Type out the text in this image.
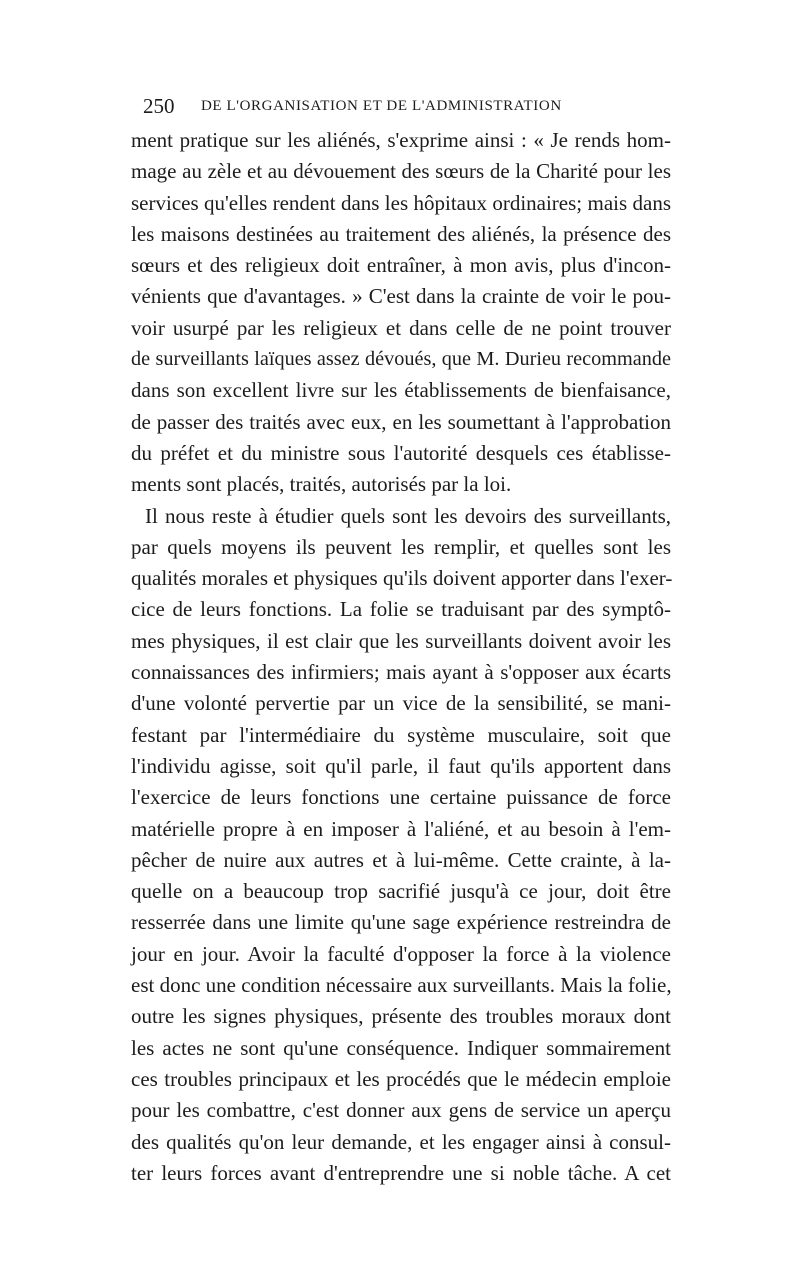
250 DE L'ORGANISATION ET DE L'ADMINISTRATION
ment pratique sur les aliénés, s'exprime ainsi : « Je rends hom-
mage au zèle et au dévouement des sœurs de la Charité pour les
services qu'elles rendent dans les hôpitaux ordinaires; mais dans
les maisons destinées au traitement des aliénés, la présence des
sœurs et des religieux doit entraîner, à mon avis, plus d'incon-
vénients que d'avantages. » C'est dans la crainte de voir le pou-
voir usurpé par les religieux et dans celle de ne point trouver
de surveillants laïques assez dévoués, que M. Durieu recommande
dans son excellent livre sur les établissements de bienfaisance,
de passer des traités avec eux, en les soumettant à l'approbation
du préfet et du ministre sous l'autorité desquels ces établisse-
ments sont placés, traités, autorisés par la loi.
Il nous reste à étudier quels sont les devoirs des surveillants,
par quels moyens ils peuvent les remplir, et quelles sont les
qualités morales et physiques qu'ils doivent apporter dans l'exer-
cice de leurs fonctions. La folie se traduisant par des symptô-
mes physiques, il est clair que les surveillants doivent avoir les
connaissances des infirmiers; mais ayant à s'opposer aux écarts
d'une volonté pervertie par un vice de la sensibilité, se mani-
festant par l'intermédiaire du système musculaire, soit que
l'individu agisse, soit qu'il parle, il faut qu'ils apportent dans
l'exercice de leurs fonctions une certaine puissance de force
matérielle propre à en imposer à l'aliéné, et au besoin à l'em-
pêcher de nuire aux autres et à lui-même. Cette crainte, à la-
quelle on a beaucoup trop sacrifié jusqu'à ce jour, doit être
resserrée dans une limite qu'une sage expérience restreindra de
jour en jour. Avoir la faculté d'opposer la force à la violence
est donc une condition nécessaire aux surveillants. Mais la folie,
outre les signes physiques, présente des troubles moraux dont
les actes ne sont qu'une conséquence. Indiquer sommairement
ces troubles principaux et les procédés que le médecin emploie
pour les combattre, c'est donner aux gens de service un aperçu
des qualités qu'on leur demande, et les engager ainsi à consul-
ter leurs forces avant d'entreprendre une si noble tâche. A cet
